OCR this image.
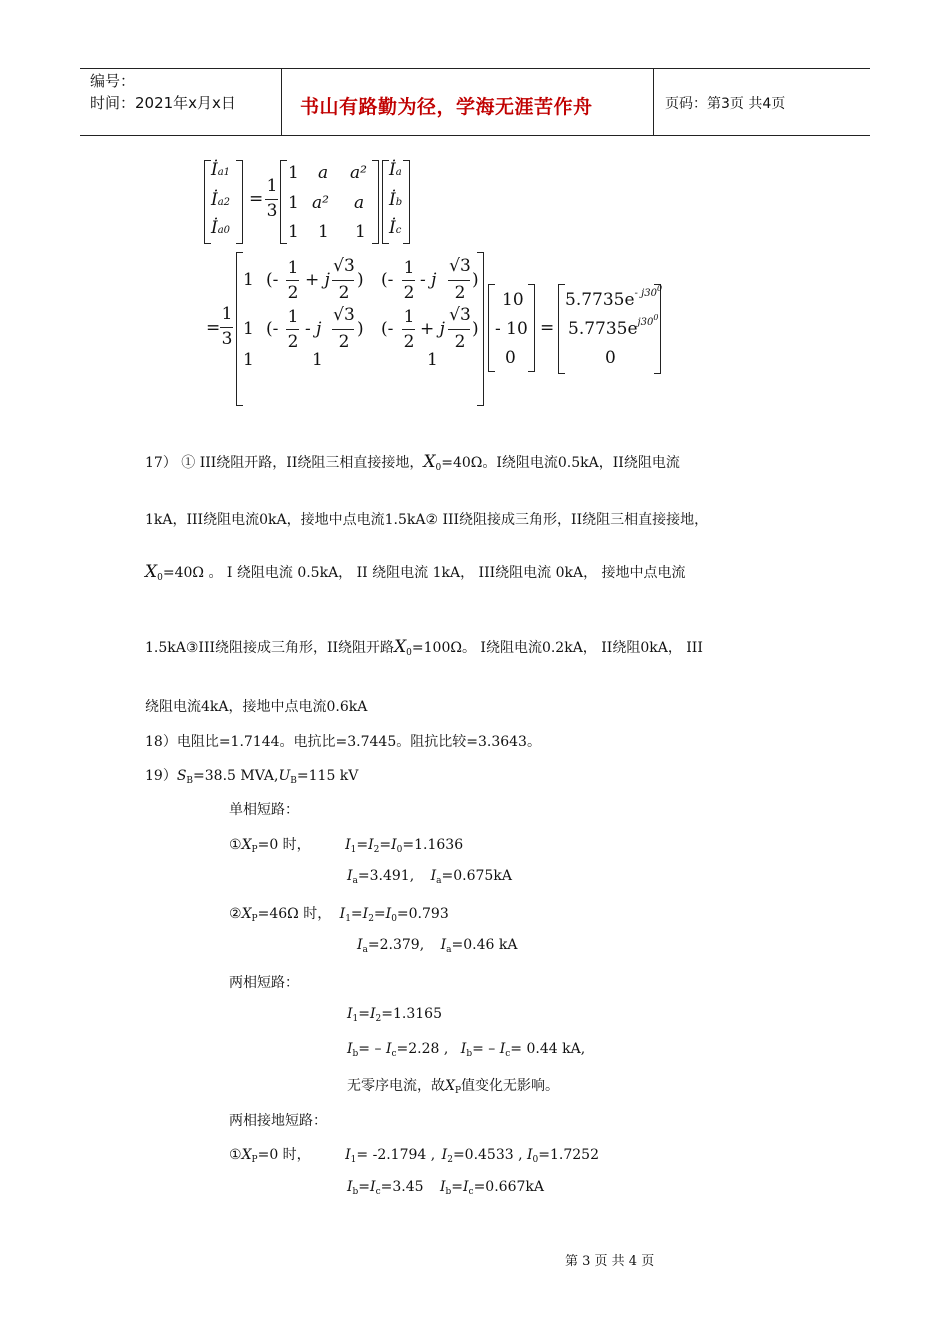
编号：
时间：2021年x月x日	书山有路勤为径，学海无涯苦作舟	页码：第3页 共4页
İa1
İa2
İa0
=
1
3
1 a a²
1 a² a
1 1 1
İa
İb
İc
=
1
3
1 (-
1
2
+ j
√3
2
) (-
1
2
- j
√3
2
)
1 (-
1
2
- j
√3
2
) (-
1
2
+ j
√3
2
)
1	1	1
10
- 10
0
=
$5.7735e^{- j300}$
$5.7735e^{j300}$
0
17） ① III绕阻开路，II绕阻三相直接接地，$X_0=40\Omega$。I绕阻电流0.5kA，II绕阻电流
1kA，III绕阻电流0kA，接地中点电流1.5kA② III绕阻接成三角形，II绕阻三相直接接地，
$X_0=40\Omega$ 。 I 绕阻电流 0.5kA， II 绕阻电流 1kA， III绕阻电流 0kA， 接地中点电流
1.5kA③III绕阻接成三角形，II绕阻开路$X_0=100\Omega$。 I绕阻电流0.2kA， II绕阻0kA， III
绕阻电流4kA，接地中点电流0.6kA
18）电阻比=1.7144。电抗比=3.7445。阻抗比较=3.3643。
$19)S_B=38.5$ $MVA,U_B=115$ kV
单相短路：
$①X_P=0$ 时， $I_1=I_2=I_0=1.1636$
$I_a=3.491$, $I_a=0.675kA$
$②X_P=46\Omega$ 时， $I_1=I_2=I_0=0.793$
$I_a=2.379$, $I_a=0.46$ kA
两相短路：
$I_1=I_2=1.3165$
$I_b= - I_c=2.28$ , $I_b= - I_c= 0.44$ kA,
无零序电流，故$X_P$值变化无影响。
两相接地短路：
$①X_P=0$ 时， $I_1= -2.1794$ , $I_2=0.4533$ , $I_0=1.7252$
$I_b=I_c=3.45$ $I_b=I_c=0.667kA$
第 3 页 共 4 页
